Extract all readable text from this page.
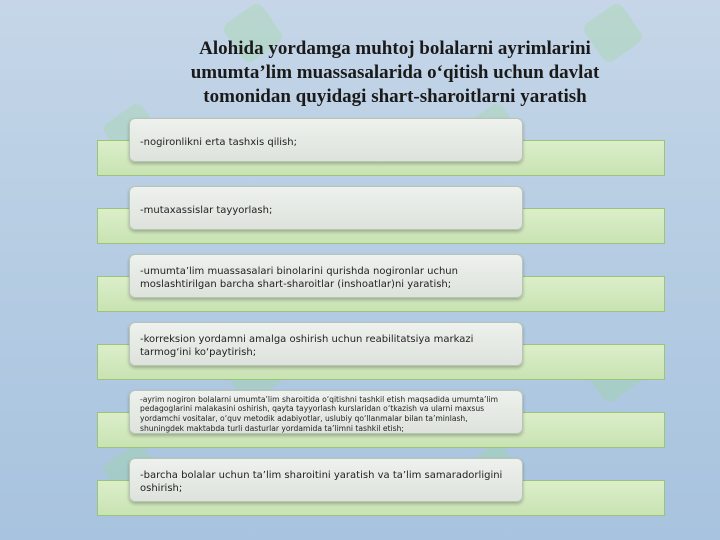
Alohida yordamga muhtoj bolalarni ayrimlarini umumta’lim muassasalarida o‘qitish uchun davlat tomonidan quyidagi shart-sharoitlarni yaratish
-nogironlikni erta tashxis qilish;
-mutaxassislar tayyorlash;
-umumta’lim muassasalari binolarini qurishda nogironlar uchun moslashtirilgan barcha shart-sharoitlar (inshoatlar)ni yaratish;
-korreksion yordamni amalga oshirish uchun reabilitatsiya markazi tarmog‘ini ko‘paytirish;
-ayrim nogiron bolalarni umumta’lim sharoitida o‘qitishni tashkil etish maqsadida umumta’lim pedagoglarini malakasini oshirish, qayta tayyorlash kurslaridan o‘tkazish va ularni maxsus yordamchi vositalar, o‘quv metodik adabiyotlar, uslubiy qo‘llanmalar bilan ta’minlash, shuningdek maktabda turli dasturlar yordamida ta’limni tashkil etish;
-barcha bolalar uchun ta’lim sharoitini yaratish va ta’lim samaradorligini oshirish;
